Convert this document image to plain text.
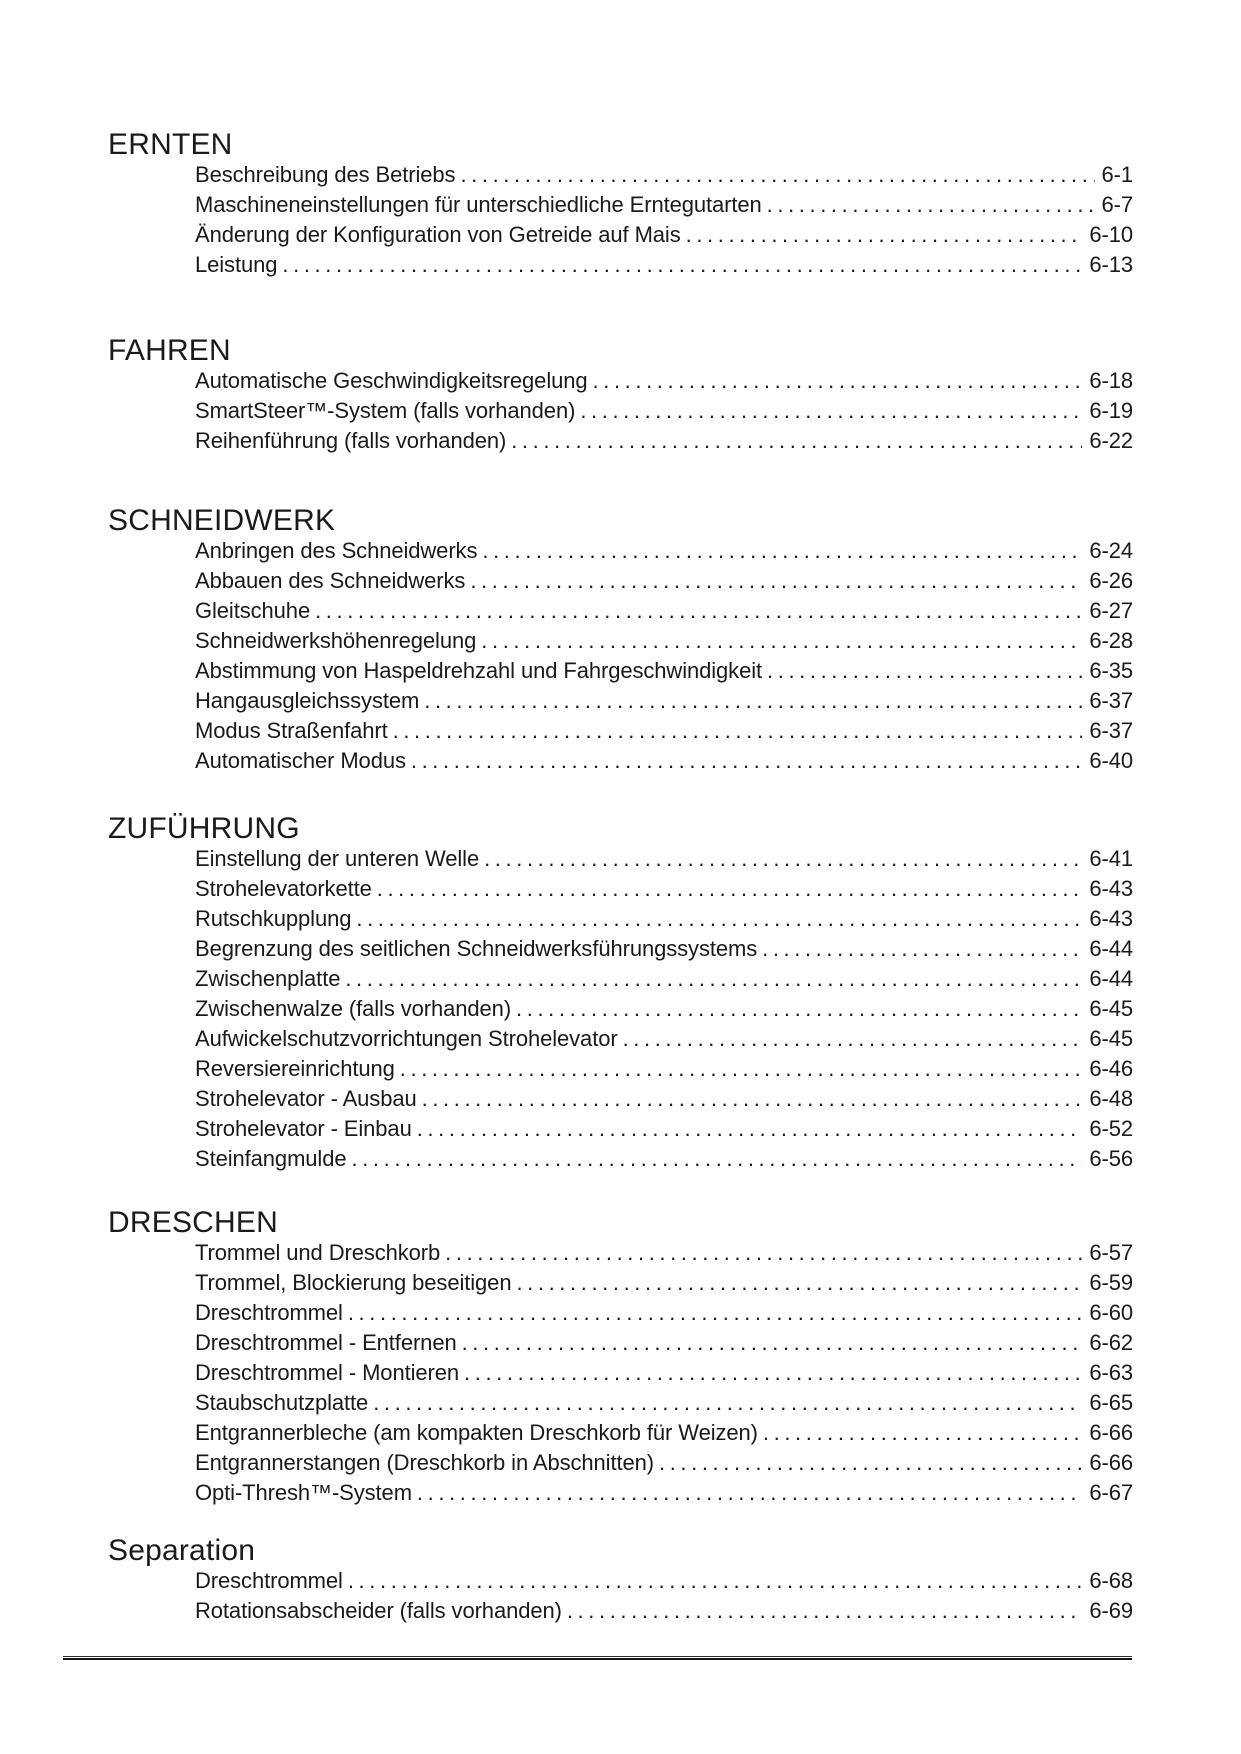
ERNTEN
Beschreibung des Betriebs .....	6-1
Maschineneinstellungen für unterschiedliche Erntegutarten .....	6-7
Änderung der Konfiguration von Getreide auf Mais .....	6-10
Leistung .....	6-13
FAHREN
Automatische Geschwindigkeitsregelung .....	6-18
SmartSteer™-System (falls vorhanden) .....	6-19
Reihenführung (falls vorhanden) .....	6-22
SCHNEIDWERK
Anbringen des Schneidwerks .....	6-24
Abbauen des Schneidwerks .....	6-26
Gleitschuhe .....	6-27
Schneidwerkshöhenregelung .....	6-28
Abstimmung von Haspeldrehzahl und Fahrgeschwindigkeit .....	6-35
Hangausgleichssystem .....	6-37
Modus Straßenfahrt .....	6-37
Automatischer Modus .....	6-40
ZUFÜHRUNG
Einstellung der unteren Welle .....	6-41
Strohelevatorkette .....	6-43
Rutschkupplung .....	6-43
Begrenzung des seitlichen Schneidwerksführungssystems .....	6-44
Zwischenplatte .....	6-44
Zwischenwalze (falls vorhanden) .....	6-45
Aufwickelschutzvorrichtungen Strohelevator .....	6-45
Reversiereinrichtung .....	6-46
Strohelevator - Ausbau .....	6-48
Strohelevator - Einbau .....	6-52
Steinfangmulde .....	6-56
DRESCHEN
Trommel und Dreschkorb .....	6-57
Trommel, Blockierung beseitigen .....	6-59
Dreschtrommel .....	6-60
Dreschtrommel - Entfernen .....	6-62
Dreschtrommel - Montieren .....	6-63
Staubschutzplatte .....	6-65
Entgrannerbleche (am kompakten Dreschkorb für Weizen) .....	6-66
Entgrannerstangen (Dreschkorb in Abschnitten) .....	6-66
Opti-Thresh™-System .....	6-67
Separation
Dreschtrommel .....	6-68
Rotationsabscheider (falls vorhanden) .....	6-69
